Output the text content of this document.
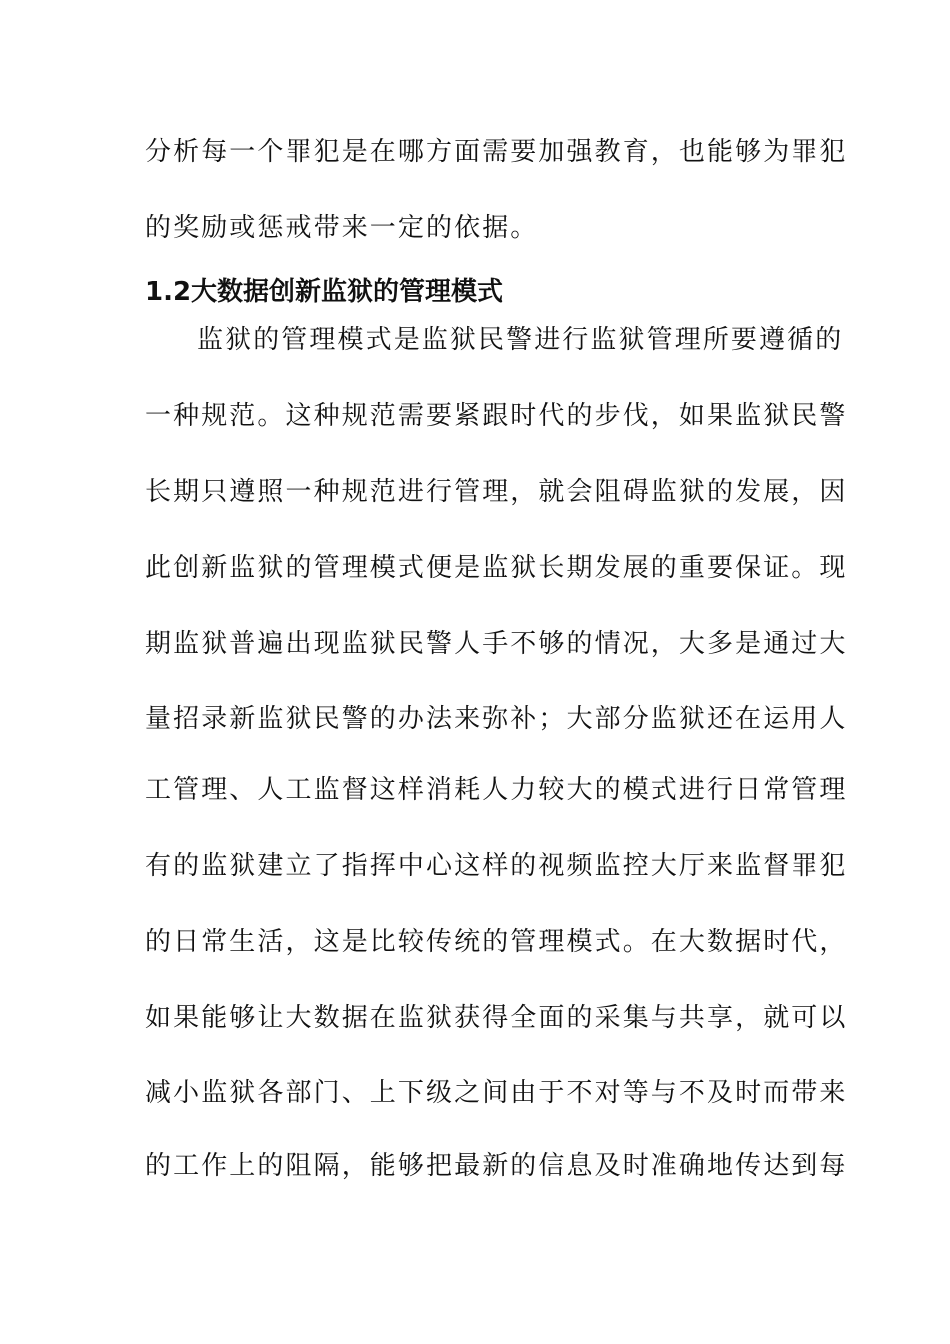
分析每一个罪犯是在哪方面需要加强教育，也能够为罪犯
的奖励或惩戒带来一定的依据。
1.2大数据创新监狱的管理模式
监狱的管理模式是监狱民警进行监狱管理所要遵循的
一种规范。这种规范需要紧跟时代的步伐，如果监狱民警
长期只遵照一种规范进行管理，就会阻碍监狱的发展，因
此创新监狱的管理模式便是监狱长期发展的重要保证。现
期监狱普遍出现监狱民警人手不够的情况，大多是通过大
量招录新监狱民警的办法来弥补；大部分监狱还在运用人
工管理、人工监督这样消耗人力较大的模式进行日常管理
有的监狱建立了指挥中心这样的视频监控大厅来监督罪犯
的日常生活，这是比较传统的管理模式。在大数据时代，
如果能够让大数据在监狱获得全面的采集与共享，就可以
减小监狱各部门、上下级之间由于不对等与不及时而带来
的工作上的阻隔，能够把最新的信息及时准确地传达到每
